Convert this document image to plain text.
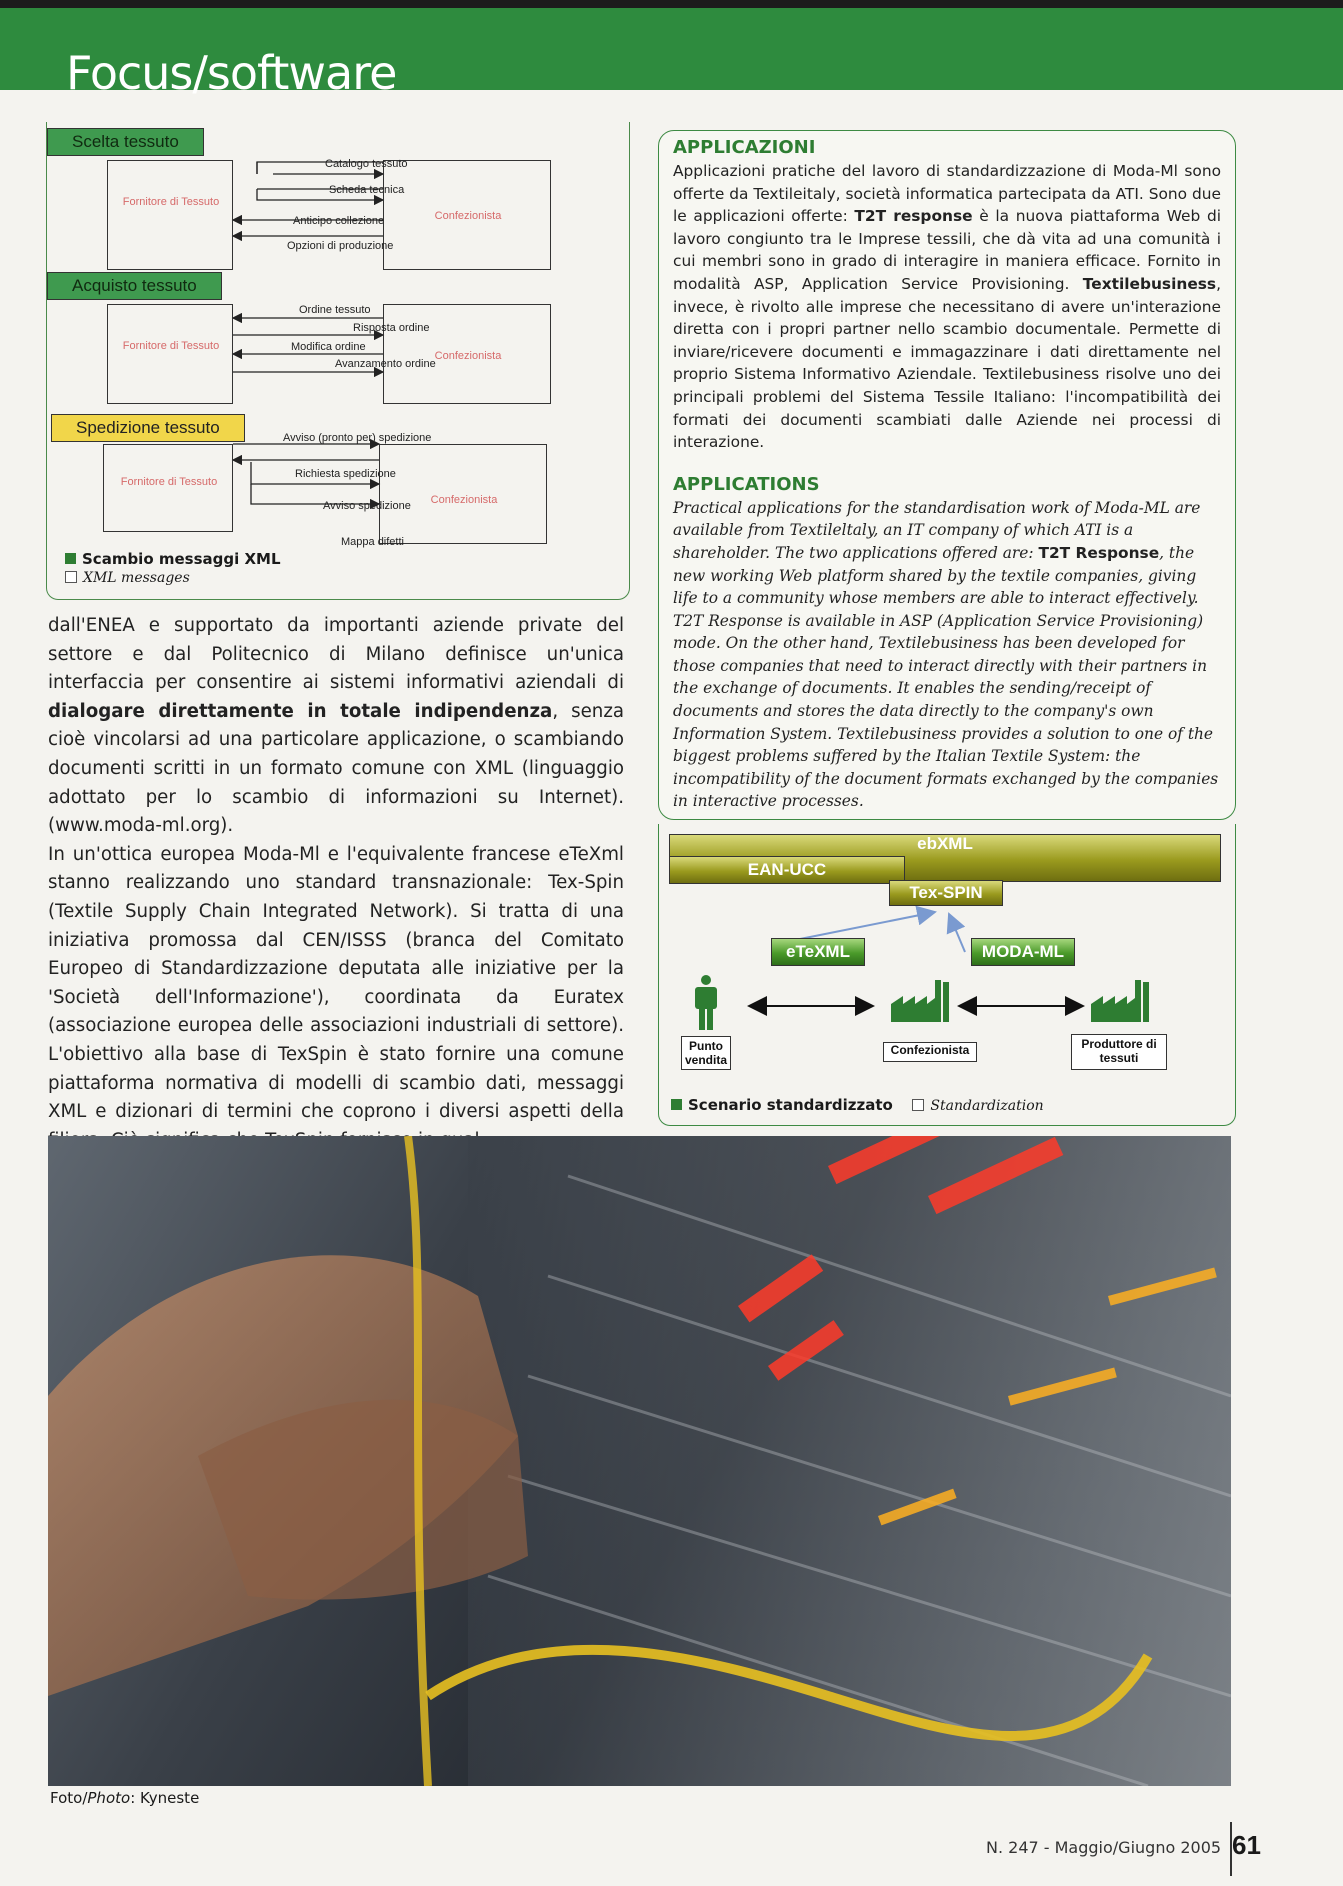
Focus/software
Scelta tessuto
Fornitore di Tessuto
Confezionista
Catalogo tessuto
Scheda tecnica
Anticipo collezione
Opzioni di produzione
Acquisto tessuto
Fornitore di Tessuto
Confezionista
Ordine tessuto
Risposta ordine
Modifica ordine
Avanzamento ordine
Spedizione tessuto
Fornitore di Tessuto
Confezionista
Avviso (pronto per) spedizione
Richiesta spedizione
Avviso spedizione
Mappa difetti
Scambio messaggi XML
XML messages

dall'ENEA e supportato da importanti aziende private del settore e dal Politecnico di Milano definisce un'unica interfaccia per consentire ai sistemi informativi aziendali di dialogare direttamente in totale indipendenza, senza cioè vincolarsi ad una particolare applicazione, o scambiando documenti scritti in un formato comune con XML (linguaggio adottato per lo scambio di informazioni su Internet). (www.moda-ml.org).

In un'ottica europea Moda-Ml e l'equivalente francese eTeXml stanno realizzando uno standard transnazionale: Tex-Spin (Textile Supply Chain Integrated Network). Si tratta di una iniziativa promossa dal CEN/ISSS (branca del Comitato Europeo di Standardizzazione deputata alle iniziative per la 'Società dell'Informazione'), coordinata da Euratex (associazione europea delle associazioni industriali di settore). L'obiettivo alla base di TexSpin è stato fornire una comune piattaforma normativa di modelli di scambio dati, messaggi XML e dizionari di termini che coprono i diversi aspetti della

APPLICAZIONI

Applicazioni pratiche del lavoro di standardizzazione di Moda-Ml sono offerte da Textileitaly, società informatica partecipata da ATI. Sono due le applicazioni offerte: T2T response è la nuova piattaforma Web di lavoro congiunto tra le Imprese tessili, che dà vita ad una comunità i cui membri sono in grado di interagire in maniera efficace. Fornito in modalità ASP, Application Service Provisioning. Textilebusiness, invece, è rivolto alle imprese che necessitano di avere un'interazione diretta con i propri partner nello scambio documentale. Permette di inviare/ricevere documenti e immagazzinare i dati direttamente nel proprio Sistema Informativo Aziendale. Textilebusiness risolve uno dei principali problemi del Sistema Tessile Italiano: l'incompatibilità dei formati dei documenti scambiati dalle Aziende nei processi di interazione.

APPLICATIONS

Practical applications for the standardisation work of Moda-ML are available from Textileltaly, an IT company of which ATI is a shareholder. The two applications offered are: T2T Response, the new working Web platform shared by the textile companies, giving life to a community whose members are able to interact effectively. T2T Response is available in ASP (Application Service Provisioning) mode. On the other hand, Textilebusiness has been developed for those companies that need to interact directly with their partners in the exchange of documents. It enables the sending/receipt of documents and stores the data directly to the company's own Information System. Textilebusiness provides a solution to one of the biggest problems suffered by the Italian Textile System: the incompatibility of the document formats exchanged by the companies in interactive processes.

EAN-UCC
ebXML
Tex-SPIN
eTeXML	MODA-ML
Punto vendita
Confezionista	Produttore di tessuti
Scenario standardizzato	Standardization
Foto/Photo: Kyneste
N. 247 - Maggio/Giugno 2005 61
